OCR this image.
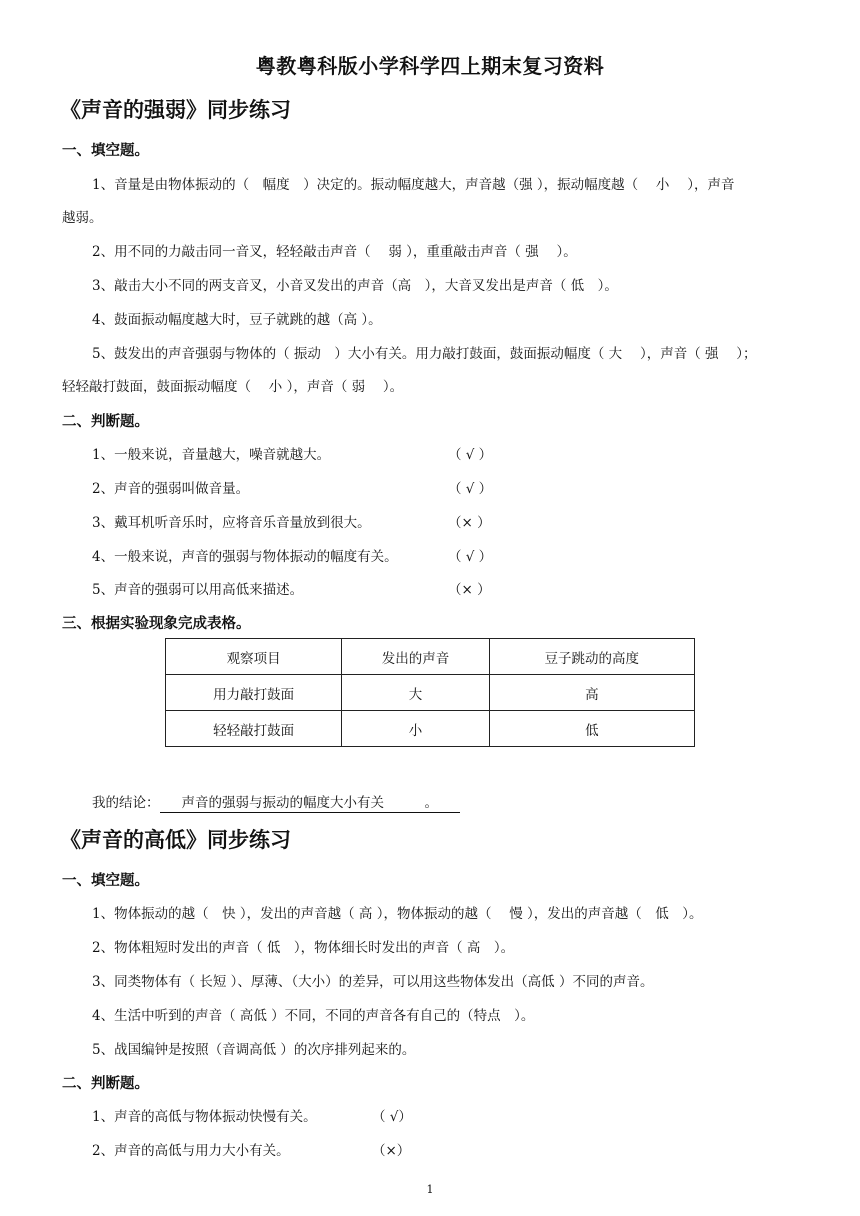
粤教粤科版小学科学四上期末复习资料
《声音的强弱》同步练习
一、填空题。
1、音量是由物体振动的（　幅度　）决定的。振动幅度越大，声音越（强 ），振动幅度越（　 小 　），声音
越弱。
2、用不同的力敲击同一音叉，轻轻敲击声音（　 弱 ），重重敲击声音（ 强 　）。
3、敲击大小不同的两支音叉，小音叉发出的声音（高　），大音叉发出是声音（ 低　）。
4、鼓面振动幅度越大时，豆子就跳的越（高 ）。
5、鼓发出的声音强弱与物体的（ 振动　）大小有关。用力敲打鼓面，鼓面振动幅度（ 大 　），声音（ 强 　）；
轻轻敲打鼓面，鼓面振动幅度（ 　小 ），声音（ 弱 　）。
二、判断题。
1、一般来说，音量越大，噪音就越大。	（ √ ）
2、声音的强弱叫做音量。	（ √ ）
3、戴耳机听音乐时，应将音乐音量放到很大。	（× ）
4、一般来说，声音的强弱与物体振动的幅度有关。	（ √ ）
5、声音的强弱可以用高低来描述。	（× ）
三、根据实验现象完成表格。
观察项目	发出的声音	豆子跳动的高度
用力敲打鼓面	大	高
轻轻敲打鼓面	小	低
我的结论： 声音的强弱与振动的幅度大小有关　　　。
《声音的高低》同步练习
一、填空题。
1、物体振动的越（　快 ），发出的声音越（ 高 ），物体振动的越（　 慢 ），发出的声音越（　低　）。
2、物体粗短时发出的声音（ 低　），物体细长时发出的声音（ 高　）。
3、同类物体有（ 长短 ）、厚薄、（大小）的差异，可以用这些物体发出（高低 ）不同的声音。
4、生活中听到的声音（ 高低 ）不同，不同的声音各有自己的（特点　）。
5、战国编钟是按照（音调高低 ）的次序排列起来的。
二、判断题。
1、声音的高低与物体振动快慢有关。	（ √）
2、声音的高低与用力大小有关。	（×）
1
